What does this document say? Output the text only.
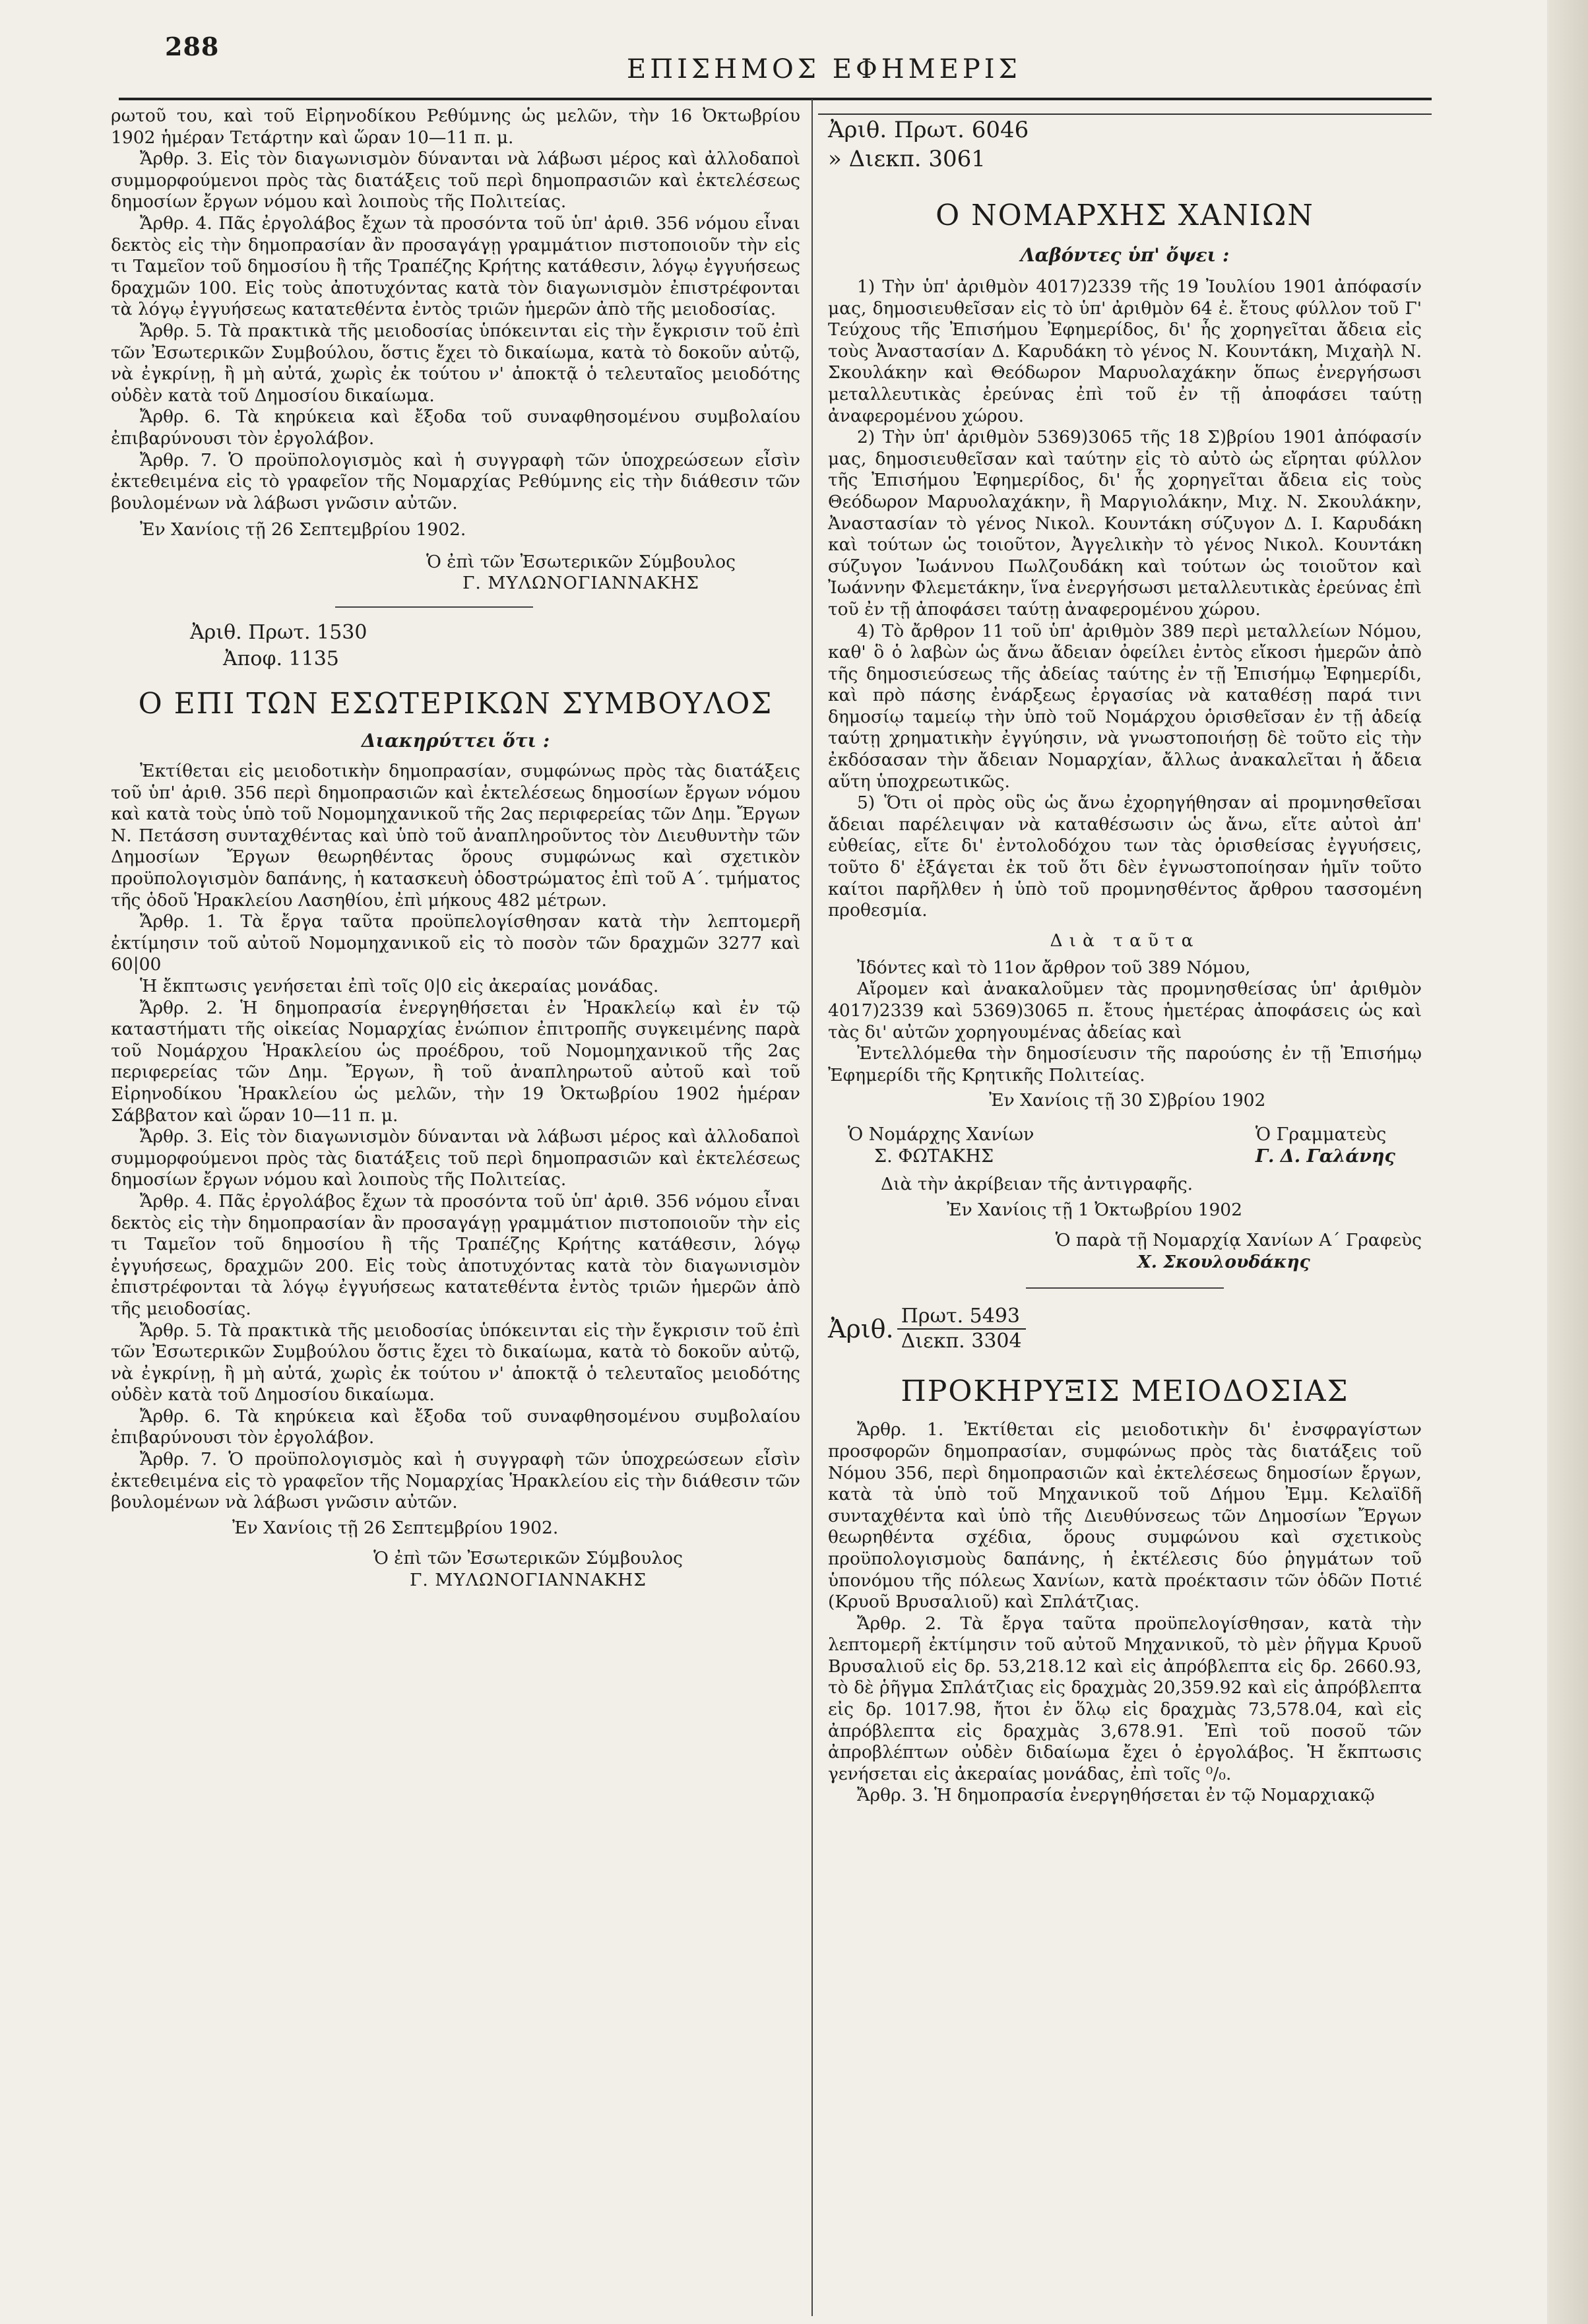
288
ΕΠΙΣΗΜΟΣ ΕΦΗΜΕΡΙΣ

ρωτοῦ του, καὶ τοῦ Εἰρηνοδίκου Ρεθύμνης ὡς μελῶν, τὴν 16 Ὀκτωβρίου 1902 ἡμέραν Τετάρτην καὶ ὥραν 10—11 π. μ.

Ἄρθρ. 3. Εἰς τὸν διαγωνισμὸν δύνανται νὰ λάβωσι μέρος καὶ ἀλλοδαποὶ συμμορφούμενοι πρὸς τὰς διατάξεις τοῦ περὶ δημοπρασιῶν καὶ ἐκτελέσεως δημοσίων ἔργων νόμου καὶ λοιποὺς τῆς Πολιτείας.

Ἄρθρ. 4. Πᾶς ἐργολάβος ἔχων τὰ προσόντα τοῦ ὑπ' ἀριθ. 356 νόμου εἶναι δεκτὸς εἰς τὴν δημοπρασίαν ἂν προσαγάγῃ γραμμάτιον πιστοποιοῦν τὴν εἰς τι Ταμεῖον τοῦ δημοσίου ἢ τῆς Τραπέζης Κρήτης κατάθεσιν, λόγῳ ἐγγυήσεως δραχμῶν 100. Εἰς τοὺς ἀποτυχόντας κατὰ τὸν διαγωνισμὸν ἐπιστρέφονται τὰ λόγῳ ἐγγυήσεως κατατεθέντα ἐντὸς τριῶν ἡμερῶν ἀπὸ τῆς μειοδοσίας.

Ἄρθρ. 5. Τὰ πρακτικὰ τῆς μειοδοσίας ὑπόκεινται εἰς τὴν ἔγκρισιν τοῦ ἐπὶ τῶν Ἐσωτερικῶν Συμβούλου, ὅστις ἔχει τὸ δικαίωμα, κατὰ τὸ δοκοῦν αὐτῷ, νὰ ἐγκρίνῃ, ἢ μὴ αὐτά, χωρὶς ἐκ τούτου ν' ἀποκτᾷ ὁ τελευταῖος μειοδότης οὐδὲν κατὰ τοῦ Δημοσίου δικαίωμα.

Ἄρθρ. 6. Τὰ κηρύκεια καὶ ἔξοδα τοῦ συναφθησομένου συμβολαίου ἐπιβαρύνουσι τὸν ἐργολάβον.

Ἄρθρ. 7. Ὁ προϋπολογισμὸς καὶ ἡ συγγραφὴ τῶν ὑποχρεώσεων εἶσὶν ἐκτεθειμένα εἰς τὸ γραφεῖον τῆς Νομαρχίας Ρεθύμνης εἰς τὴν διάθεσιν τῶν βουλομένων νὰ λάβωσι γνῶσιν αὐτῶν.

Ἐν Χανίοις τῇ 26 Σεπτεμβρίου 1902.

Ὁ ἐπὶ τῶν Ἐσωτερικῶν Σύμβουλος

Γ. ΜΥΛΩΝΟΓΙΑΝΝΑΚΗΣ

Ἀριθ. Πρωτ. 1530

Ἀποφ. 1135

Ο ΕΠΙ ΤΩΝ ΕΣΩΤΕΡΙΚΩΝ ΣΥΜΒΟΥΛΟΣ

Διακηρύττει ὅτι :

Ἐκτίθεται εἰς μειοδοτικὴν δημοπρασίαν, συμφώνως πρὸς τὰς διατάξεις τοῦ ὑπ' ἀριθ. 356 περὶ δημοπρασιῶν καὶ ἐκτελέσεως δημοσίων ἔργων νόμου καὶ κατὰ τοὺς ὑπὸ τοῦ Νομομηχανικοῦ τῆς 2ας περιφερείας τῶν Δημ. Ἔργων Ν. Πετάσση συνταχθέντας καὶ ὑπὸ τοῦ ἀναπληροῦντος τὸν Διευθυντὴν τῶν Δημοσίων Ἔργων θεωρηθέντας ὅρους συμφώνως καὶ σχετικὸν προϋπολογισμὸν δαπάνης, ἡ κατασκευὴ ὁδοστρώματος ἐπὶ τοῦ Α΄. τμήματος τῆς ὁδοῦ Ἡρακλείου Λασηθίου, ἐπὶ μήκους 482 μέτρων.

Ἄρθρ. 1. Τὰ ἔργα ταῦτα προϋπελογίσθησαν κατὰ τὴν λεπτομερῆ ἐκτίμησιν τοῦ αὐτοῦ Νομομηχανικοῦ εἰς τὸ ποσὸν τῶν δραχμῶν 3277 καὶ 60|00

Ἡ ἔκπτωσις γενήσεται ἐπὶ τοῖς 0|0 εἰς ἀκεραίας μονάδας.

Ἄρθρ. 2. Ἡ δημοπρασία ἐνεργηθήσεται ἐν Ἡρακλείῳ καὶ ἐν τῷ καταστήματι τῆς οἰκείας Νομαρχίας ἐνώπιον ἐπιτροπῆς συγκειμένης παρὰ τοῦ Νομάρχου Ἡρακλείου ὡς προέδρου, τοῦ Νομομηχανικοῦ τῆς 2ας περιφερείας τῶν Δημ. Ἔργων, ἢ τοῦ ἀναπληρωτοῦ αὐτοῦ καὶ τοῦ Εἰρηνοδίκου Ἡρακλείου ὡς μελῶν, τὴν 19 Ὀκτωβρίου 1902 ἡμέραν Σάββατον καὶ ὥραν 10—11 π. μ.

Ἄρθρ. 3. Εἰς τὸν διαγωνισμὸν δύνανται νὰ λάβωσι μέρος καὶ ἀλλοδαποὶ συμμορφούμενοι πρὸς τὰς διατάξεις τοῦ περὶ δημοπρασιῶν καὶ ἐκτελέσεως δημοσίων ἔργων νόμου καὶ λοιποὺς τῆς Πολιτείας.

Ἄρθρ. 4. Πᾶς ἐργολάβος ἔχων τὰ προσόντα τοῦ ὑπ' ἀριθ. 356 νόμου εἶναι δεκτὸς εἰς τὴν δημοπρασίαν ἂν προσαγάγῃ γραμμάτιον πιστοποιοῦν τὴν εἰς τι Ταμεῖον τοῦ δημοσίου ἢ τῆς Τραπέζης Κρήτης κατάθεσιν, λόγῳ ἐγγυήσεως, δραχμῶν 200. Εἰς τοὺς ἀποτυχόντας κατὰ τὸν διαγωνισμὸν ἐπιστρέφονται τὰ λόγῳ ἐγγυήσεως κατατεθέντα ἐντὸς τριῶν ἡμερῶν ἀπὸ τῆς μειοδοσίας.

Ἄρθρ. 5. Τὰ πρακτικὰ τῆς μειοδοσίας ὑπόκεινται εἰς τὴν ἔγκρισιν τοῦ ἐπὶ τῶν Ἐσωτερικῶν Συμβούλου ὅστις ἔχει τὸ δικαίωμα, κατὰ τὸ δοκοῦν αὐτῷ, νὰ ἐγκρίνῃ, ἢ μὴ αὐτά, χωρὶς ἐκ τούτου ν' ἀποκτᾷ ὁ τελευταῖος μειοδότης οὐδὲν κατὰ τοῦ Δημοσίου δικαίωμα.

Ἄρθρ. 6. Τὰ κηρύκεια καὶ ἔξοδα τοῦ συναφθησομένου συμβολαίου ἐπιβαρύνουσι τὸν ἐργολάβον.

Ἄρθρ. 7. Ὁ προϋπολογισμὸς καὶ ἡ συγγραφὴ τῶν ὑποχρεώσεων εἶσὶν ἐκτεθειμένα εἰς τὸ γραφεῖον τῆς Νομαρχίας Ἡρακλείου εἰς τὴν διάθεσιν τῶν βουλομένων νὰ λάβωσι γνῶσιν αὐτῶν.

Ἐν Χανίοις τῇ 26 Σεπτεμβρίου 1902.

Ὁ ἐπὶ τῶν Ἐσωτερικῶν Σύμβουλος

Γ. ΜΥΛΩΝΟΓΙΑΝΝΑΚΗΣ

Ἀριθ. Πρωτ. 6046

» Διεκπ. 3061

Ο ΝΟΜΑΡΧΗΣ ΧΑΝΙΩΝ

Λαβόντες ὑπ' ὄψει :

1) Τὴν ὑπ' ἀριθμὸν 4017)2339 τῆς 19 Ἰουλίου 1901 ἀπόφασίν μας, δημοσιευθεῖσαν εἰς τὸ ὑπ' ἀριθμὸν 64 ἐ. ἔτους φύλλον τοῦ Γ' Τεύχους τῆς Ἐπισήμου Ἐφημερίδος, δι' ἧς χορηγεῖται ἄδεια εἰς τοὺς Ἀναστασίαν Δ. Καρυδάκη τὸ γένος Ν. Κουντάκη, Μιχαὴλ Ν. Σκουλάκην καὶ Θεόδωρον Μαρυολαχάκην ὅπως ἐνεργήσωσι μεταλλευτικὰς ἐρεύνας ἐπὶ τοῦ ἐν τῇ ἀποφάσει ταύτῃ ἀναφερομένου χώρου.

2) Τὴν ὑπ' ἀριθμὸν 5369)3065 τῆς 18 Σ)βρίου 1901 ἀπόφασίν μας, δημοσιευθεῖσαν καὶ ταύτην εἰς τὸ αὐτὸ ὡς εἴρηται φύλλον τῆς Ἐπισήμου Ἐφημερίδος, δι' ἧς χορηγεῖται ἄδεια εἰς τοὺς Θεόδωρον Μαρυολαχάκην, ἢ Μαργιολάκην, Μιχ. Ν. Σκουλάκην, Ἀναστασίαν τὸ γένος Νικολ. Κουντάκη σύζυγον Δ. Ι. Καρυδάκη καὶ τούτων ὡς τοιοῦτον, Ἀγγελικὴν τὸ γένος Νικολ. Κουντάκη σύζυγον Ἰωάννου Πωλζουδάκη καὶ τούτων ὡς τοιοῦτον καὶ Ἰωάννην Φλεμετάκην, ἵνα ἐνεργήσωσι μεταλλευτικὰς ἐρεύνας ἐπὶ τοῦ ἐν τῇ ἀποφάσει ταύτῃ ἀναφερομένου χώρου.

4) Τὸ ἄρθρον 11 τοῦ ὑπ' ἀριθμὸν 389 περὶ μεταλλείων Νόμου, καθ' ὃ ὁ λαβὼν ὡς ἄνω ἄδειαν ὀφείλει ἐντὸς εἴκοσι ἡμερῶν ἀπὸ τῆς δημοσιεύσεως τῆς ἀδείας ταύτης ἐν τῇ Ἐπισήμῳ Ἐφημερίδι, καὶ πρὸ πάσης ἐνάρξεως ἐργασίας νὰ καταθέσῃ παρά τινι δημοσίῳ ταμείῳ τὴν ὑπὸ τοῦ Νομάρχου ὁρισθεῖσαν ἐν τῇ ἀδείᾳ ταύτῃ χρηματικὴν ἐγγύησιν, νὰ γνωστοποιήσῃ δὲ τοῦτο εἰς τὴν ἐκδόσασαν τὴν ἄδειαν Νομαρχίαν, ἄλλως ἀνακαλεῖται ἡ ἄδεια αὕτη ὑποχρεωτικῶς.

5) Ὅτι οἱ πρὸς οὓς ὡς ἄνω ἐχορηγήθησαν αἱ προμνησθεῖσαι ἄδειαι παρέλειψαν νὰ καταθέσωσιν ὡς ἄνω, εἴτε αὐτοὶ ἀπ' εὐθείας, εἴτε δι' ἐντολοδόχου των τὰς ὁρισθείσας ἐγγυήσεις, τοῦτο δ' ἐξάγεται ἐκ τοῦ ὅτι δὲν ἐγνωστοποίησαν ἡμῖν τοῦτο καίτοι παρῆλθεν ἡ ὑπὸ τοῦ προμνησθέντος ἄρθρου τασσομένη προθεσμία.

Διὰ ταῦτα

Ἰδόντες καὶ τὸ 11ον ἄρθρον τοῦ 389 Νόμου,

Αἴρομεν καὶ ἀνακαλοῦμεν τὰς προμνησθείσας ὑπ' ἀριθμὸν 4017)2339 καὶ 5369)3065 π. ἔτους ἡμετέρας ἀποφάσεις ὡς καὶ τὰς δι' αὐτῶν χορηγουμένας ἀδείας καὶ

Ἐντελλόμεθα τὴν δημοσίευσιν τῆς παρούσης ἐν τῇ Ἐπισήμῳ Ἐφημερίδι τῆς Κρητικῆς Πολιτείας.

Ἐν Χανίοις τῇ 30 Σ)βρίου 1902

Ὁ Νομάρχης Χανίων

Σ. ΦΩΤΑΚΗΣ

Ὁ Γραμματεὺς

Γ. Δ. Γαλάνης

Διὰ τὴν ἀκρίβειαν τῆς ἀντιγραφῆς.

Ἐν Χανίοις τῇ 1 Ὀκτωβρίου 1902

Ὁ παρὰ τῇ Νομαρχίᾳ Χανίων Α΄ Γραφεὺς

Χ. Σκουλουδάκης

Ἀριθ. $\frac{\text{Πρωτ. 5493}}{\text{Διεκπ. 3304}}$

ΠΡΟΚΗΡΥΞΙΣ ΜΕΙΟΔΟΣΙΑΣ

Ἄρθρ. 1. Ἐκτίθεται εἰς μειοδοτικὴν δι' ἐνσφραγίστων προσφορῶν δημοπρασίαν, συμφώνως πρὸς τὰς διατάξεις τοῦ Νόμου 356, περὶ δημοπρασιῶν καὶ ἐκτελέσεως δημοσίων ἔργων, κατὰ τὰ ὑπὸ τοῦ Μηχανικοῦ τοῦ Δήμου Ἐμμ. Κελαϊδῆ συνταχθέντα καὶ ὑπὸ τῆς Διευθύνσεως τῶν Δημοσίων Ἔργων θεωρηθέντα σχέδια, ὅρους συμφώνου καὶ σχετικοὺς προϋπολογισμοὺς δαπάνης, ἡ ἐκτέλεσις δύο ῥηγμάτων τοῦ ὑπονόμου τῆς πόλεως Χανίων, κατὰ προέκτασιν τῶν ὁδῶν Ποτιέ (Κρυοῦ Βρυσαλιοῦ) καὶ Σπλάτζιας.

Ἄρθρ. 2. Τὰ ἔργα ταῦτα προϋπελογίσθησαν, κατὰ τὴν λεπτομερῆ ἐκτίμησιν τοῦ αὐτοῦ Μηχανικοῦ, τὸ μὲν ῥῆγμα Κρυοῦ Βρυσαλιοῦ εἰς δρ. 53,218.12 καὶ εἰς ἀπρόβλεπτα εἰς δρ. 2660.93, τὸ δὲ ῥῆγμα Σπλάτζιας εἰς δραχμὰς 20,359.92 καὶ εἰς ἀπρόβλεπτα εἰς δρ. 1017.98, ἤτοι ἐν ὅλῳ εἰς δραχμὰς 73,578.04, καὶ εἰς ἀπρόβλεπτα εἰς δραχμὰς 3,678.91. Ἐπὶ τοῦ ποσοῦ τῶν ἀπροβλέπτων οὐδὲν διδαίωμα ἔχει ὁ ἐργολάβος. Ἡ ἔκπτωσις γενήσεται εἰς ἀκεραίας μονάδας, ἐπὶ τοῖς ⁰/₀.

Ἄρθρ. 3. Ἡ δημοπρασία ἐνεργηθήσεται ἐν τῷ Νομαρχιακῷ
